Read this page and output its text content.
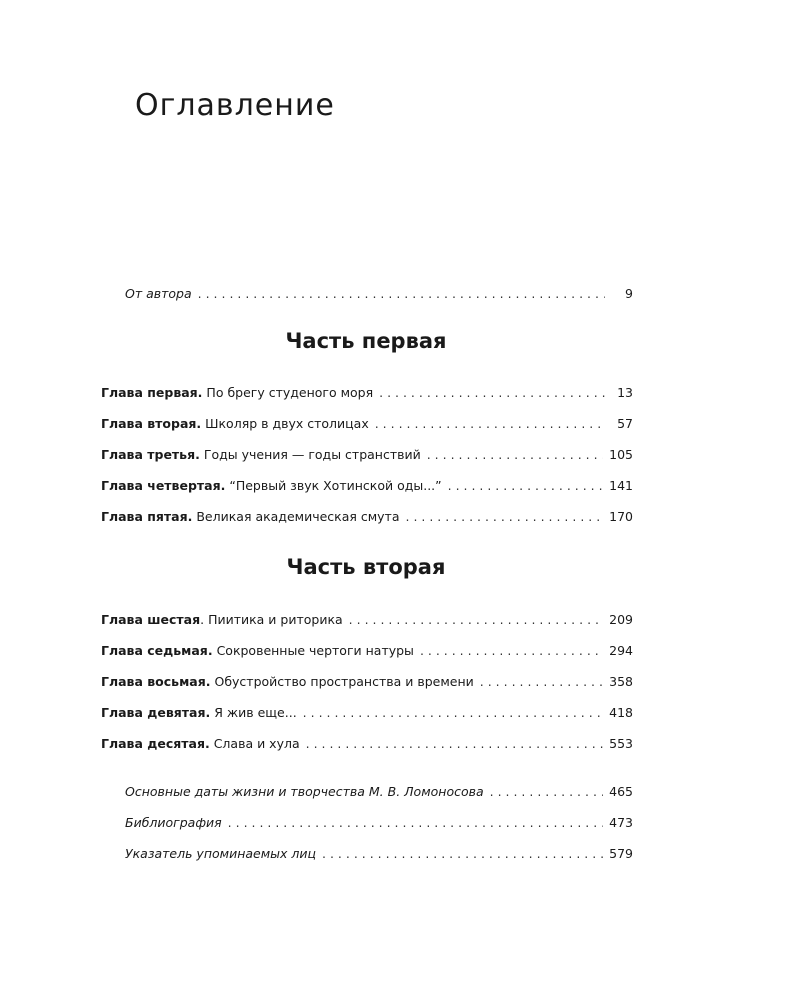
Оглавление
От автора . . .	9
Часть первая
Глава первая. По брегу студеного моря . . .	13
Глава вторая. Школяр в двух столицах . . .	57
Глава третья. Годы учения — годы странствий . . .	105
Глава четвертая. “Первый звук Хотинской оды...” . . .	141
Глава пятая. Великая академическая смута . . .	170
Часть вторая
Глава шестая. Пиитика и риторика . . .	209
Глава седьмая. Сокровенные чертоги натуры . . .	294
Глава восьмая. Обустройство пространства и времени . . .	358
Глава девятая. Я жив еще... . . .	418
Глава десятая. Слава и хула . . .	553
Основные даты жизни и творчества М. В. Ломоносова . . .	465
Библиография . . .	473
Указатель упоминаемых лиц . . .	579
